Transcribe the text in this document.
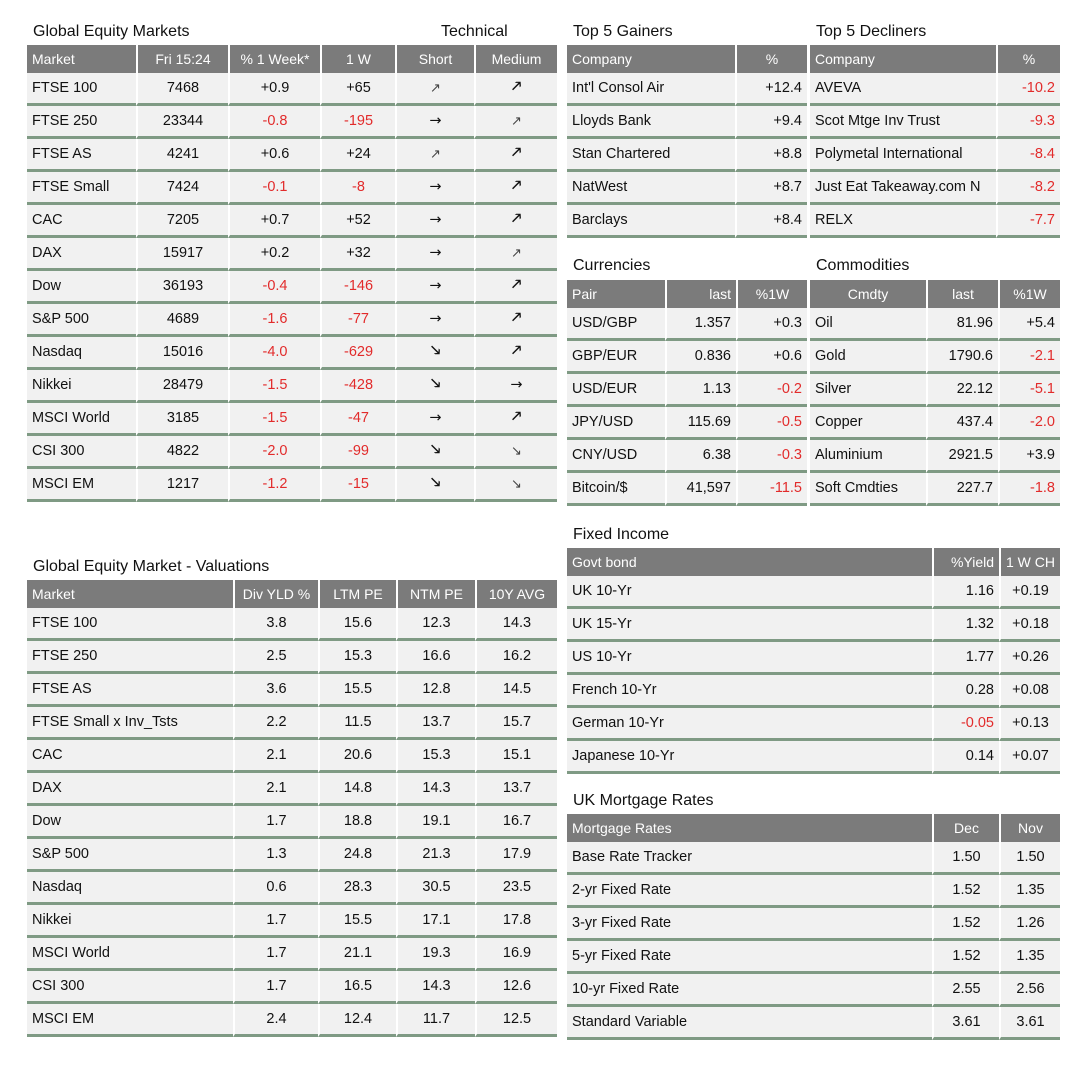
Global Equity Markets	Technical
Market	Fri 15:24	% 1 Week*	1 W	Short	Medium
FTSE 100	7468	+0.9	+65	↗	🡕
FTSE 250	23344	-0.8	-195	→	↗
FTSE AS	4241	+0.6	+24	↗	🡕
FTSE Small	7424	-0.1	-8	→	🡕
CAC	7205	+0.7	+52	→	🡕
DAX	15917	+0.2	+32	→	↗
Dow	36193	-0.4	-146	→	🡕
S&P 500	4689	-1.6	-77	→	🡕
Nasdaq	15016	-4.0	-629	🡖	🡕
Nikkei	28479	-1.5	-428	🡖	→
MSCI World	3185	-1.5	-47	→	🡕
CSI 300	4822	-2.0	-99	🡖	↘
MSCI EM	1217	-1.2	-15	🡖	↘
Top 5 Gainers
Company	%
Int'l Consol Air	+12.4
Lloyds Bank	+9.4
Stan Chartered	+8.8
NatWest	+8.7
Barclays	+8.4
Top 5 Decliners
Company	%
AVEVA	-10.2
Scot Mtge Inv Trust	-9.3
Polymetal International	-8.4
Just Eat Takeaway.com N	-8.2
RELX	-7.7
Currencies
Pair	last	%1W
USD/GBP	1.357	+0.3
GBP/EUR	0.836	+0.6
USD/EUR	1.13	-0.2
JPY/USD	115.69	-0.5
CNY/USD	6.38	-0.3
Bitcoin/$	41,597	-11.5
Commodities
Cmdty	last	%1W
Oil	81.96	+5.4
Gold	1790.6	-2.1
Silver	22.12	-5.1
Copper	437.4	-2.0
Aluminium	2921.5	+3.9
Soft Cmdties	227.7	-1.8
Global Equity Market - Valuations
Market	Div YLD %	LTM PE	NTM PE	10Y AVG
FTSE 100	3.8	15.6	12.3	14.3
FTSE 250	2.5	15.3	16.6	16.2
FTSE AS	3.6	15.5	12.8	14.5
FTSE Small x Inv_Tsts	2.2	11.5	13.7	15.7
CAC	2.1	20.6	15.3	15.1
DAX	2.1	14.8	14.3	13.7
Dow	1.7	18.8	19.1	16.7
S&P 500	1.3	24.8	21.3	17.9
Nasdaq	0.6	28.3	30.5	23.5
Nikkei	1.7	15.5	17.1	17.8
MSCI World	1.7	21.1	19.3	16.9
CSI 300	1.7	16.5	14.3	12.6
MSCI EM	2.4	12.4	11.7	12.5
Fixed Income
Govt bond	%Yield	1 W CH
UK 10-Yr	1.16	+0.19
UK 15-Yr	1.32	+0.18
US 10-Yr	1.77	+0.26
French 10-Yr	0.28	+0.08
German 10-Yr	-0.05	+0.13
Japanese 10-Yr	0.14	+0.07
UK Mortgage Rates
Mortgage Rates	Dec	Nov
Base Rate Tracker	1.50	1.50
2-yr Fixed Rate	1.52	1.35
3-yr Fixed Rate	1.52	1.26
5-yr Fixed Rate	1.52	1.35
10-yr Fixed Rate	2.55	2.56
Standard Variable	3.61	3.61
